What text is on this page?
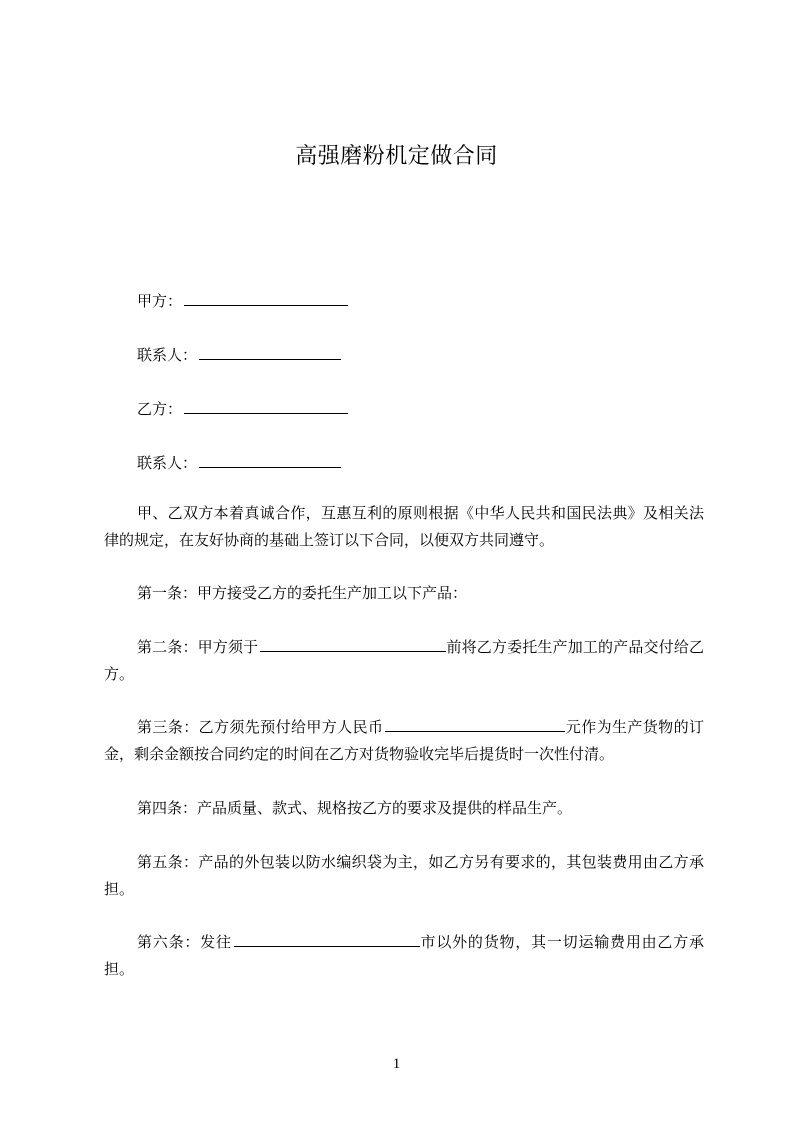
高强磨粉机定做合同
甲方：
联系人：
乙方：
联系人：
甲、乙双方本着真诚合作，互惠互利的原则根据《中华人民共和国民法典》及相关法律的规定，在友好协商的基础上签订以下合同，以便双方共同遵守。
第一条：甲方接受乙方的委托生产加工以下产品：
第二条：甲方须于	前将乙方委托生产加工的产品交付给乙方。
第三条：乙方须先预付给甲方人民币	元作为生产货物的订金，剩余金额按合同约定的时间在乙方对货物验收完毕后提货时一次性付清。
第四条：产品质量、款式、规格按乙方的要求及提供的样品生产。
第五条：产品的外包装以防水编织袋为主，如乙方另有要求的，其包装费用由乙方承担。
第六条：发往	市以外的货物，其一切运输费用由乙方承担。
1
